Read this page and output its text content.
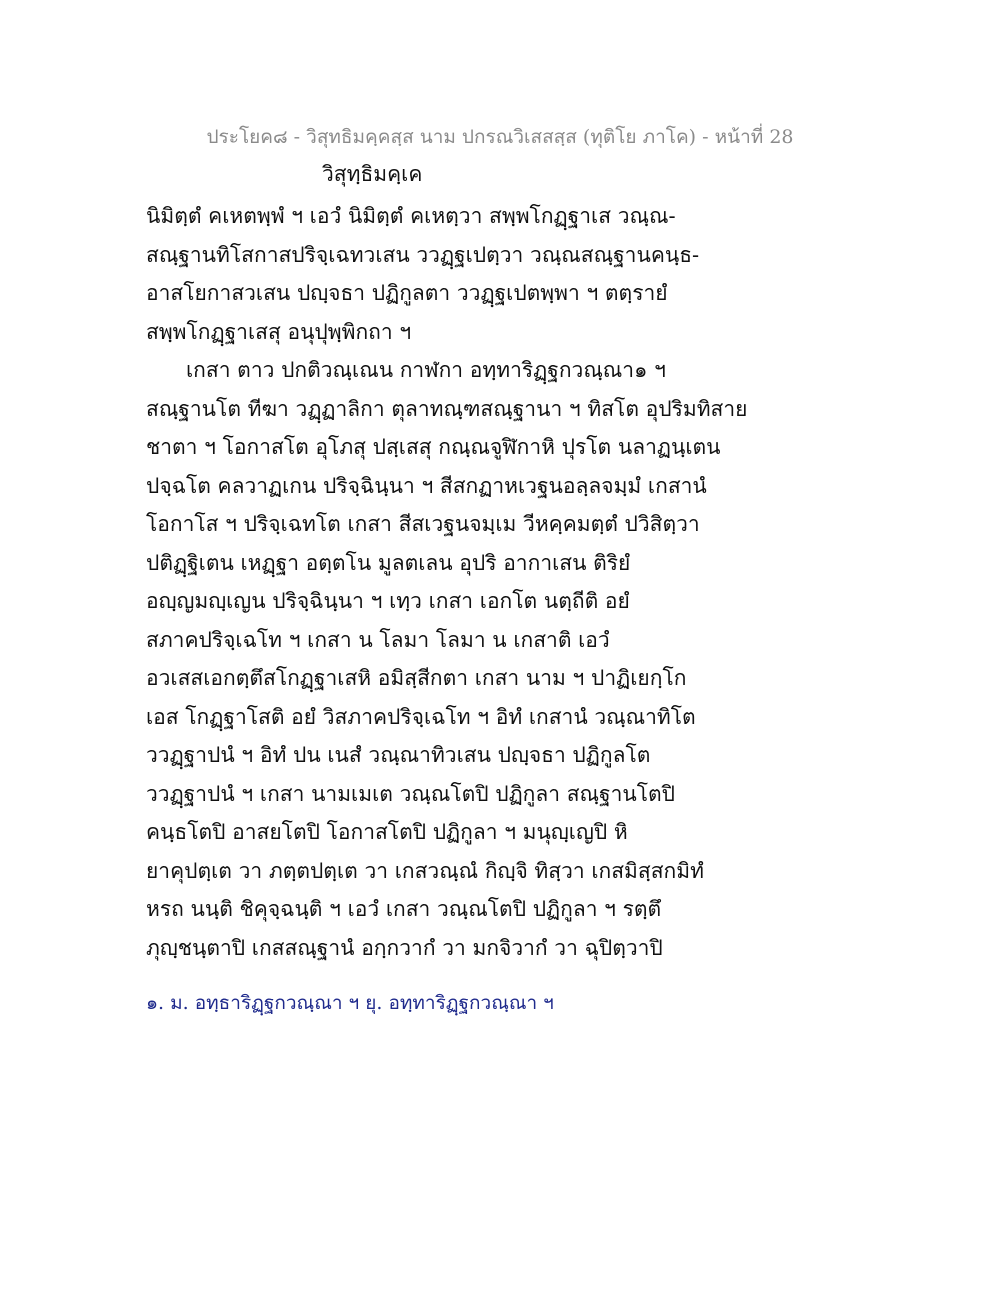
ประโยค๘ - วิสุทธิมคฺคสฺส นาม ปกรณวิเสสสฺส (ทุติโย ภาโค) - หน้าที่ 28
วิสุทฺธิมคฺเค
นิมิตฺตํ คเหตพฺพํ ฯ เอวํ นิมิตฺตํ คเหตฺวา สพฺพโกฏฺฐาเส วณฺณ-
สณฺฐานทิโสกาสปริจฺเฉทวเสน ววฏฺฐเปตฺวา วณฺณสณฺฐานคนฺธ-
อาสโยกาสวเสน ปญฺจธา ปฏิกูลตา ววฏฺฐเปตพฺพา ฯ ตตฺรายํ
สพฺพโกฏฺฐาเสสุ อนุปุพฺพิกถา ฯ
เกสา ตาว ปกติวณฺเณน กาฬกา อทฺทาริฏฺฐกวณฺณา๑ ฯ
สณฺฐานโต ทีฆา วฏฺฏาลิกา ตุลาทณฺฑสณฺฐานา ฯ ทิสโต อุปริมทิสาย
ชาตา ฯ โอกาสโต อุโภสุ ปสฺเสสุ กณฺณจูฬิกาหิ ปุรโต นลาฏนฺเตน
ปจฺฉโต คลวาฏเกน ปริจฺฉินฺนา ฯ สีสกฏาหเวฐนอลฺลจมฺมํ เกสานํ
โอกาโส ฯ ปริจฺเฉทโต เกสา สีสเวฐนจมฺเม วีหคฺคมตฺตํ ปวิสิตฺวา
ปติฏฺฐิเตน เหฏฺฐา อตฺตโน มูลตเลน อุปริ อากาเสน ติริยํ
อญฺญมญฺเญน ปริจฺฉินฺนา ฯ เทฺว เกสา เอกโต นตฺถีติ อยํ
สภาคปริจฺเฉโท ฯ เกสา น โลมา โลมา น เกสาติ เอวํ
อวเสสเอกตฺตึสโกฏฺฐาเสหิ อมิสฺสีกตา เกสา นาม ฯ ปาฏิเยกฺโก
เอส โกฏฺฐาโสติ อยํ วิสภาคปริจฺเฉโท ฯ อิทํ เกสานํ วณฺณาทิโต
ววฏฺฐาปนํ ฯ อิทํ ปน เนสํ วณฺณาทิวเสน ปญฺจธา ปฏิกูลโต
ววฏฺฐาปนํ ฯ เกสา นามเมเต วณฺณโตปิ ปฏิกูลา สณฺฐานโตปิ
คนฺธโตปิ อาสยโตปิ โอกาสโตปิ ปฏิกูลา ฯ มนุญฺเญปิ หิ
ยาคุปตฺเต วา ภตฺตปตฺเต วา เกสวณฺณํ กิญฺจิ ทิสฺวา เกสมิสฺสกมิทํ
หรถ นนฺติ ชิคุจฺฉนฺติ ฯ เอวํ เกสา วณฺณโตปิ ปฏิกูลา ฯ รตฺตึ
ภุญฺชนฺตาปิ เกสสณฺฐานํ อกฺกวากํ วา มกจิวากํ วา ฉุปิตฺวาปิ
๑. ม. อทฺธาริฏฺฐกวณฺณา ฯ ยุ. อทฺทาริฏฺฐกวณฺณา ฯ
